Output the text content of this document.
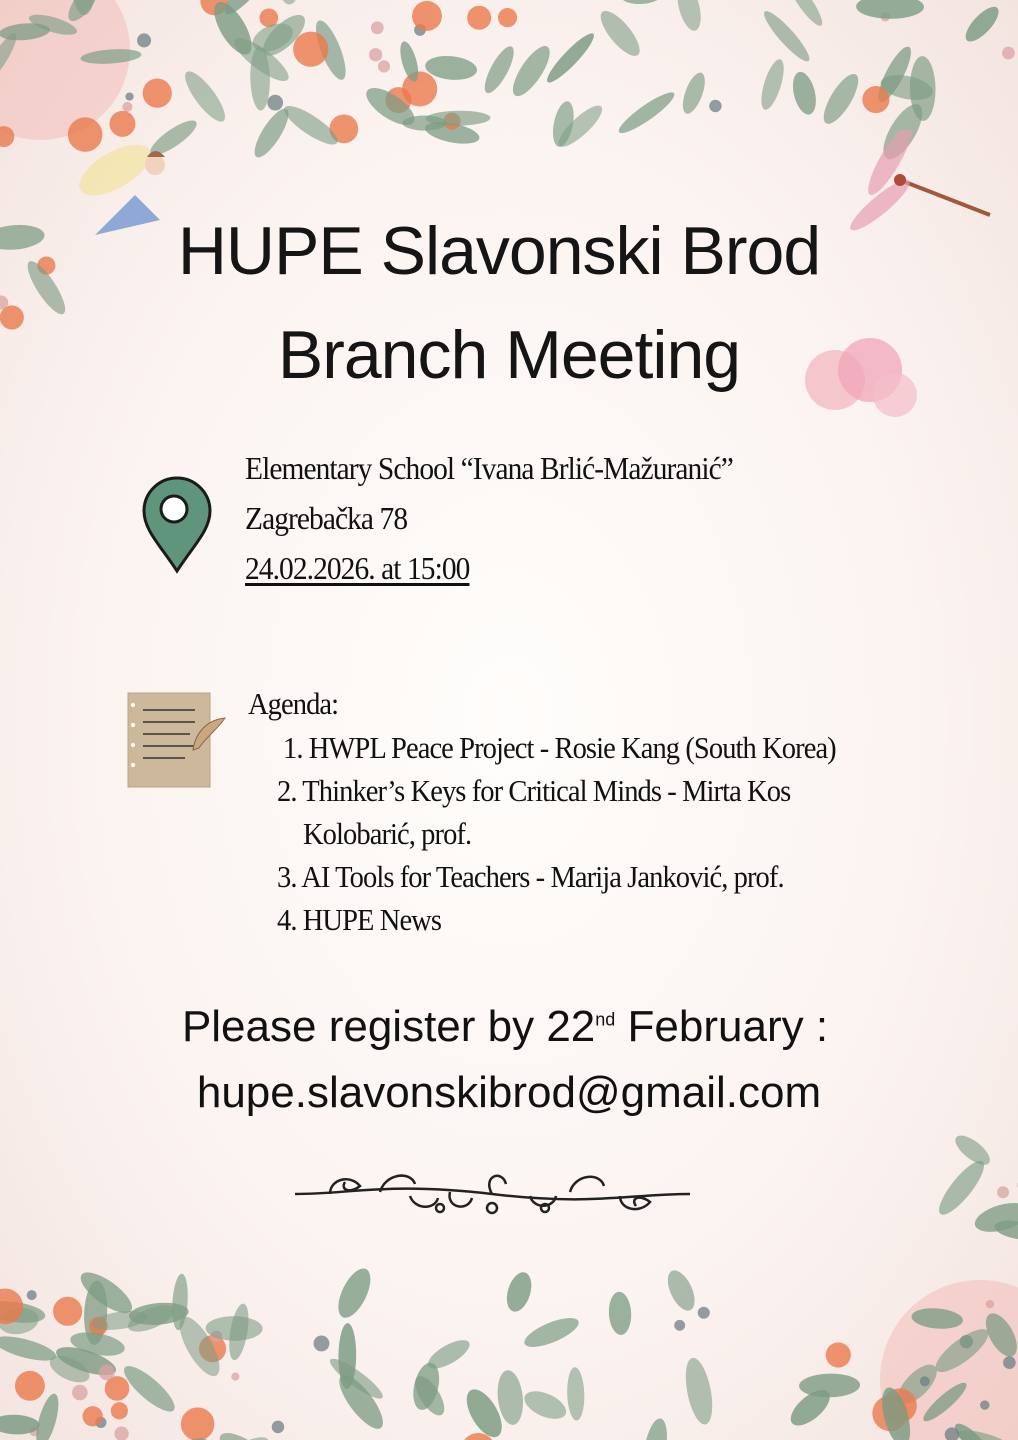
HUPE Slavonski Brod
Branch Meeting
Elementary School “Ivana Brlić-Mažuranić”
Zagrebačka 78
24.02.2026. at 15:00
Agenda:
1. HWPL Peace Project - Rosie Kang (South Korea)
2. Thinker’s Keys for Critical Minds - Mirta Kos
Kolobarić, prof.
3. AI Tools for Teachers - Marija Janković, prof.
4. HUPE News
Please register by 22nd February :
hupe.slavonskibrod@gmail.com
